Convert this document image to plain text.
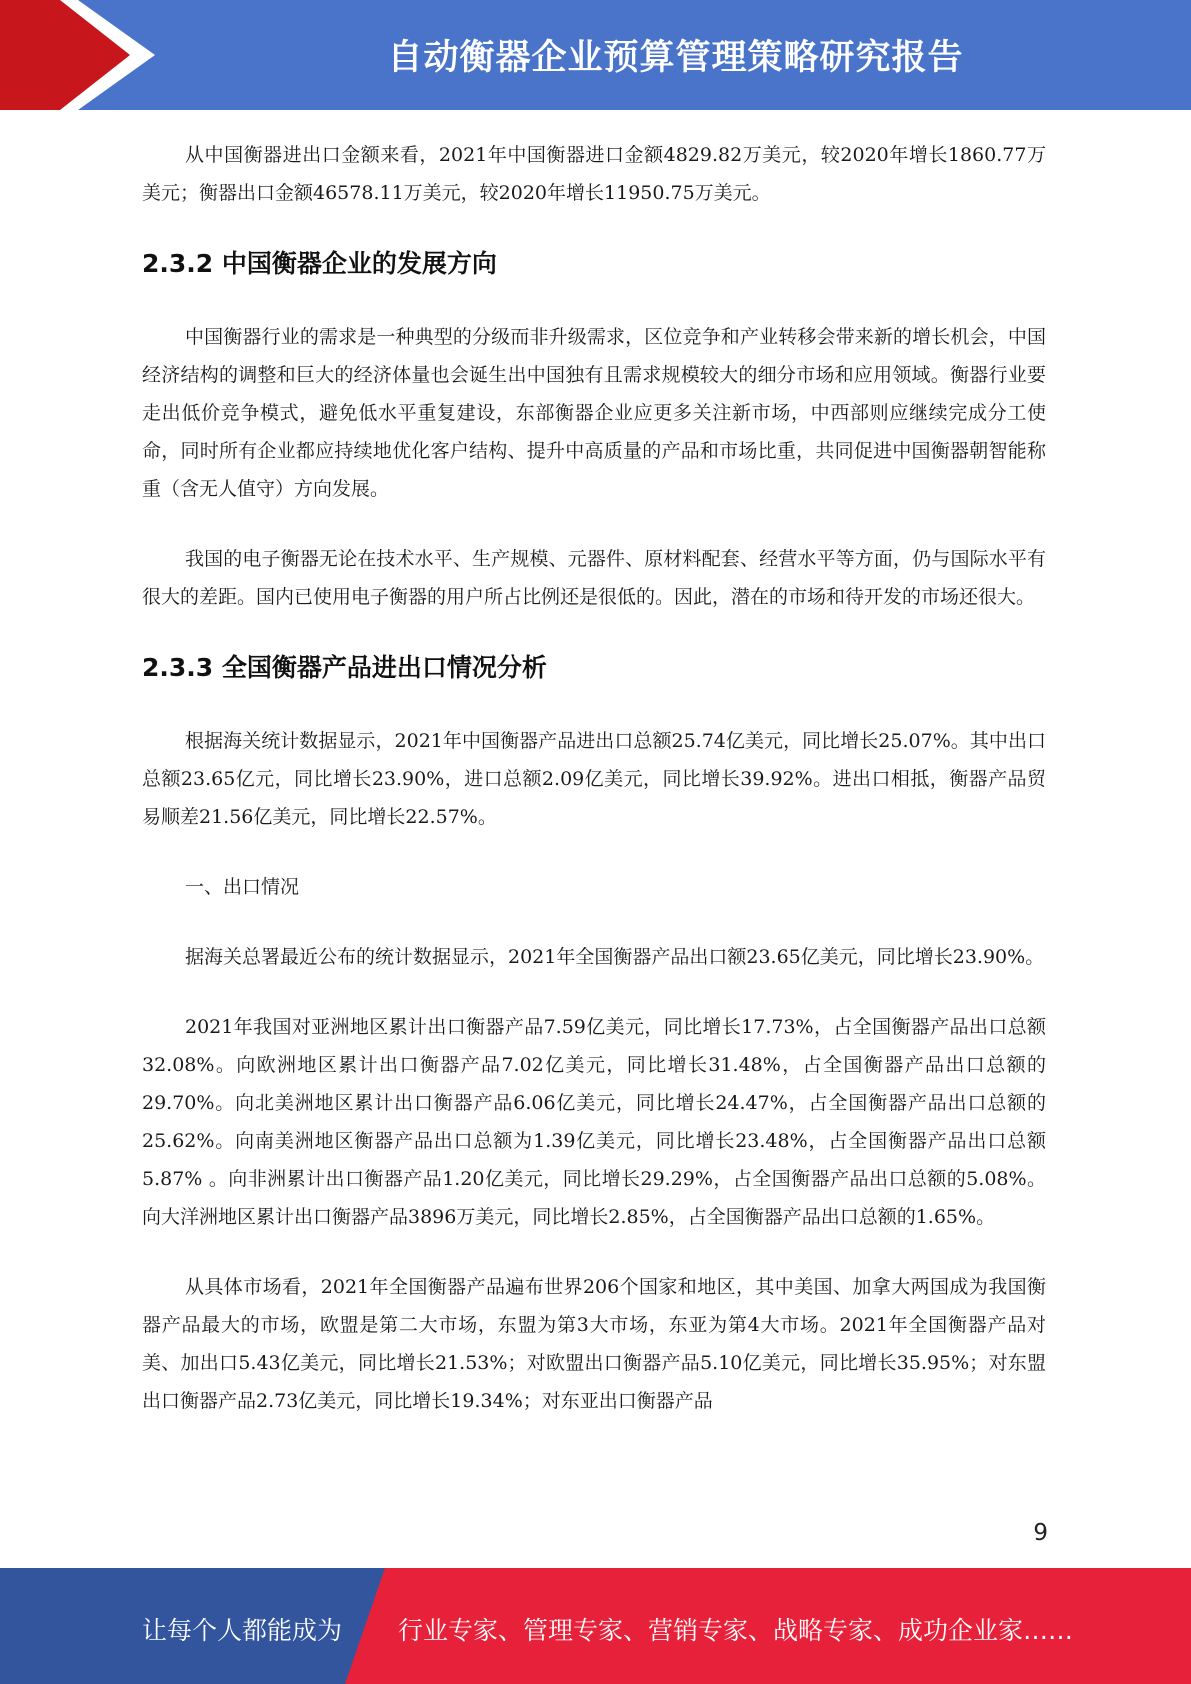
自动衡器企业预算管理策略研究报告

从中国衡器进出口金额来看，2021年中国衡器进口金额4829.82万美元，较2020年增长1860.77万美元；衡器出口金额46578.11万美元，较2020年增长11950.75万美元。

2.3.2 中国衡器企业的发展方向

中国衡器行业的需求是一种典型的分级而非升级需求，区位竞争和产业转移会带来新的增长机会，中国经济结构的调整和巨大的经济体量也会诞生出中国独有且需求规模较大的细分市场和应用领域。衡器行业要走出低价竞争模式，避免低水平重复建设，东部衡器企业应更多关注新市场，中西部则应继续完成分工使命，同时所有企业都应持续地优化客户结构、提升中高质量的产品和市场比重，共同促进中国衡器朝智能称重（含无人值守）方向发展。

我国的电子衡器无论在技术水平、生产规模、元器件、原材料配套、经营水平等方面，仍与国际水平有很大的差距。国内已使用电子衡器的用户所占比例还是很低的。因此，潜在的市场和待开发的市场还很大。

2.3.3 全国衡器产品进出口情况分析

根据海关统计数据显示，2021年中国衡器产品进出口总额25.74亿美元，同比增长25.07%。其中出口总额23.65亿元，同比增长23.90%，进口总额2.09亿美元，同比增长39.92%。进出口相抵，衡器产品贸易顺差21.56亿美元，同比增长22.57%。

一、出口情况

据海关总署最近公布的统计数据显示，2021年全国衡器产品出口额23.65亿美元，同比增长23.90%。

2021年我国对亚洲地区累计出口衡器产品7.59亿美元，同比增长17.73%，占全国衡器产品出口总额32.08%。向欧洲地区累计出口衡器产品7.02亿美元，同比增长31.48%，占全国衡器产品出口总额的29.70%。向北美洲地区累计出口衡器产品6.06亿美元，同比增长24.47%，占全国衡器产品出口总额的25.62%。向南美洲地区衡器产品出口总额为1.39亿美元，同比增长23.48%，占全国衡器产品出口总额5.87% 。向非洲累计出口衡器产品1.20亿美元，同比增长29.29%，占全国衡器产品出口总额的5.08%。向大洋洲地区累计出口衡器产品3896万美元，同比增长2.85%，占全国衡器产品出口总额的1.65%。

从具体市场看，2021年全国衡器产品遍布世界206个国家和地区，其中美国、加拿大两国成为我国衡器产品最大的市场，欧盟是第二大市场，东盟为第3大市场，东亚为第4大市场。2021年全国衡器产品对美、加出口5.43亿美元，同比增长21.53%；对欧盟出口衡器产品5.10亿美元，同比增长35.95%；对东盟出口衡器产品2.73亿美元，同比增长19.34%；对东亚出口衡器产品

9
让每个人都能成为 行业专家、管理专家、营销专家、战略专家、成功企业家……
